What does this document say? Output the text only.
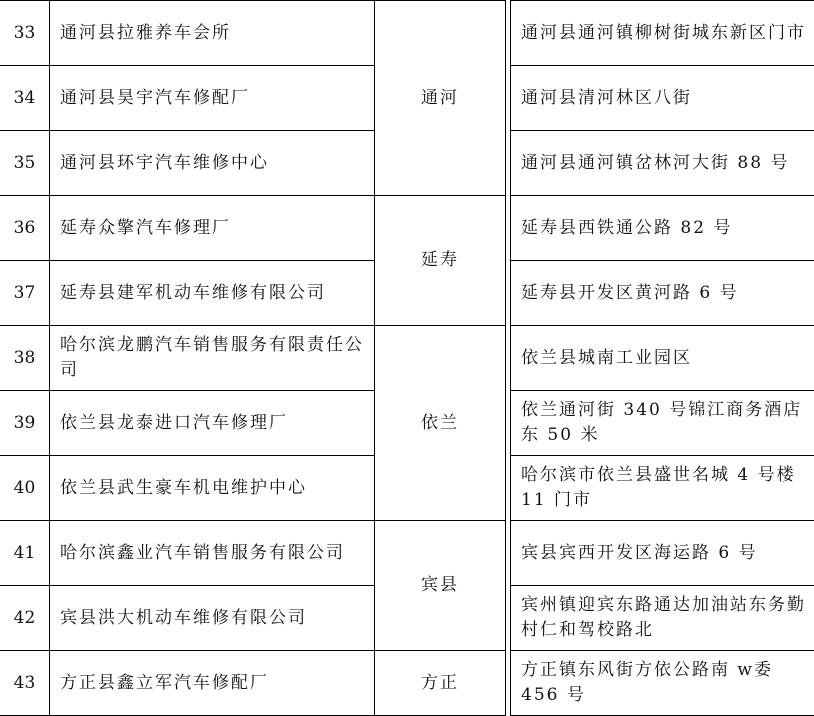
33	通河县拉雅养车会所	通河		通河县通河镇柳树街城东新区门市
34	通河县昊宇汽车修配厂			通河县清河林区八街
35	通河县环宇汽车维修中心			通河县通河镇岔林河大街 88 号
36	延寿众擎汽车修理厂	延寿		延寿县西铁通公路 82 号
37	延寿县建军机动车维修有限公司			延寿县开发区黄河路 6 号
38	哈尔滨龙鹏汽车销售服务有限责任公司	依兰		依兰县城南工业园区
39	依兰县龙泰进口汽车修理厂			依兰通河街 340 号锦江商务酒店东 50 米
40	依兰县武生豪车机电维护中心			哈尔滨市依兰县盛世名城 4 号楼 11 门市
41	哈尔滨鑫业汽车销售服务有限公司	宾县		宾县宾西开发区海运路 6 号
42	宾县洪大机动车维修有限公司			宾州镇迎宾东路通达加油站东务勤村仁和驾校路北
43	方正县鑫立军汽车修配厂	方正		方正镇东风街方依公路南 w委456 号
